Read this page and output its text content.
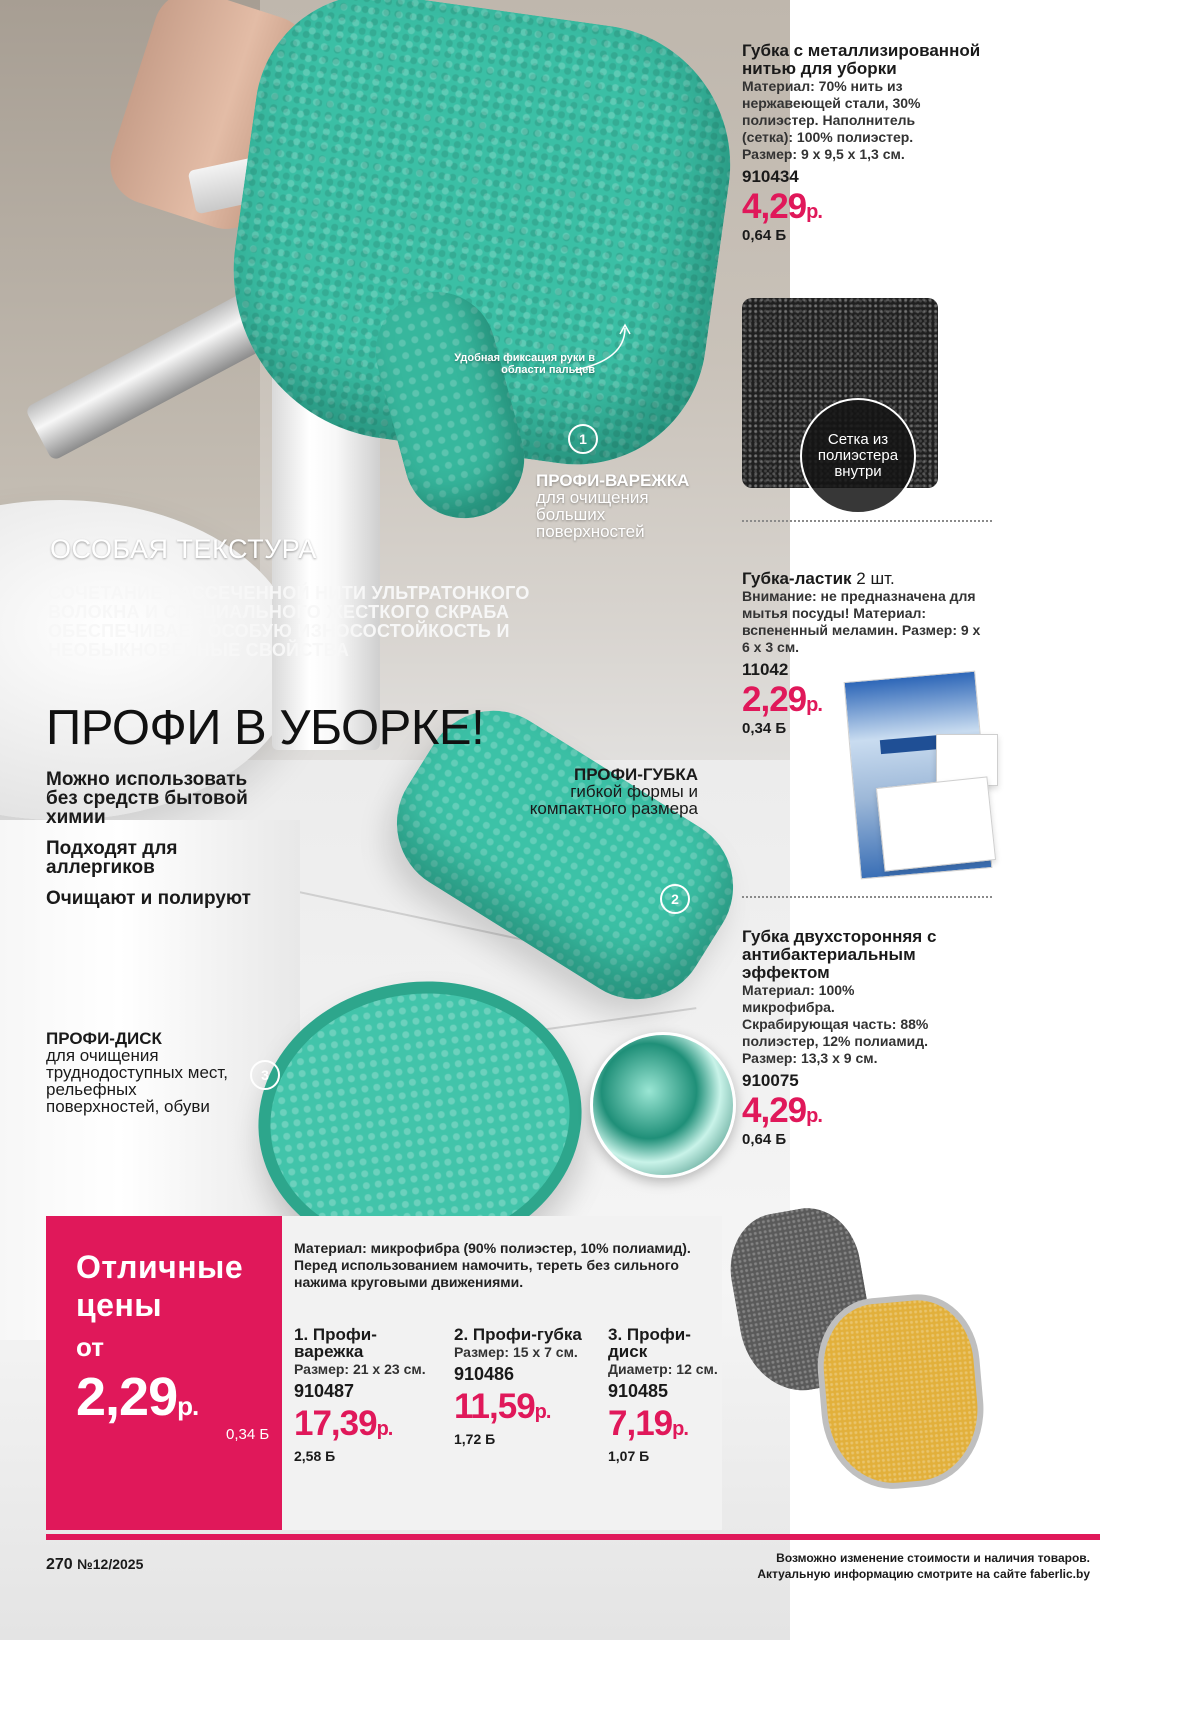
Удобная фиксация руки в области пальцев
1
ПРОФИ-ВАРЕЖКА
для очищения больших поверхностей
ОСОБАЯ ТЕКСТУРА
СОЧЕТАНИЕ РАССЕЧЕННОЙ НИТИ УЛЬТРАТОНКОГО ВОЛОКНА И СПЕЦИАЛЬНОГО ЖЕСТКОГО СКРАБА ОБЕСПЕЧИВАЕТ ОСОБУЮ ИЗНОСОСТОЙКОСТЬ И НЕОБЫКНОВЕННЫЕ СВОЙСТВА
ПРОФИ В УБОРКЕ!
Можно использовать без средств бытовой химии
Подходят для аллергиков
Очищают и полируют
ПРОФИ-ГУБКА
гибкой формы и компактного размера
2
3
ПРОФИ-ДИСК
для очищения труднодоступных мест, рельефных поверхностей, обуви
Отличные
цены
от
2,29р.
0,34 Б
Материал: микрофибра (90% полиэстер, 10% полиамид). Перед использованием намочить, тереть без сильного нажима круговыми движениями.
1. Профи-варежка
Размер: 21 х 23 см.
910487
17,39р.
2,58 Б
2. Профи-губка
Размер: 15 х 7 см.
910486
11,59р.
1,72 Б
3. Профи-диск
Диаметр: 12 см.
910485
7,19р.
1,07 Б
Губка с металлизированной нитью для уборки
Материал: 70% нить из нержавеющей стали, 30% полиэстер. Наполнитель (сетка): 100% полиэстер. Размер: 9 х 9,5 х 1,3 см.
910434
4,29р.
0,64 Б
Сетка из полиэстера внутри
Губка-ластик 2 шт.
Внимание: не предназначена для мытья посуды! Материал: вспененный меламин. Размер: 9 х 6 х 3 см.
11042
2,29р.
0,34 Б
Губка двухсторонняя с антибактериальным эффектом
Материал: 100% микрофибра. Скрабирующая часть: 88% полиэстер, 12% полиамид. Размер: 13,3 х 9 см.
910075
4,29р.
0,64 Б
270 №12/2025	Возможно изменение стоимости и наличия товаров.
Актуальную информацию смотрите на сайте faberlic.by
